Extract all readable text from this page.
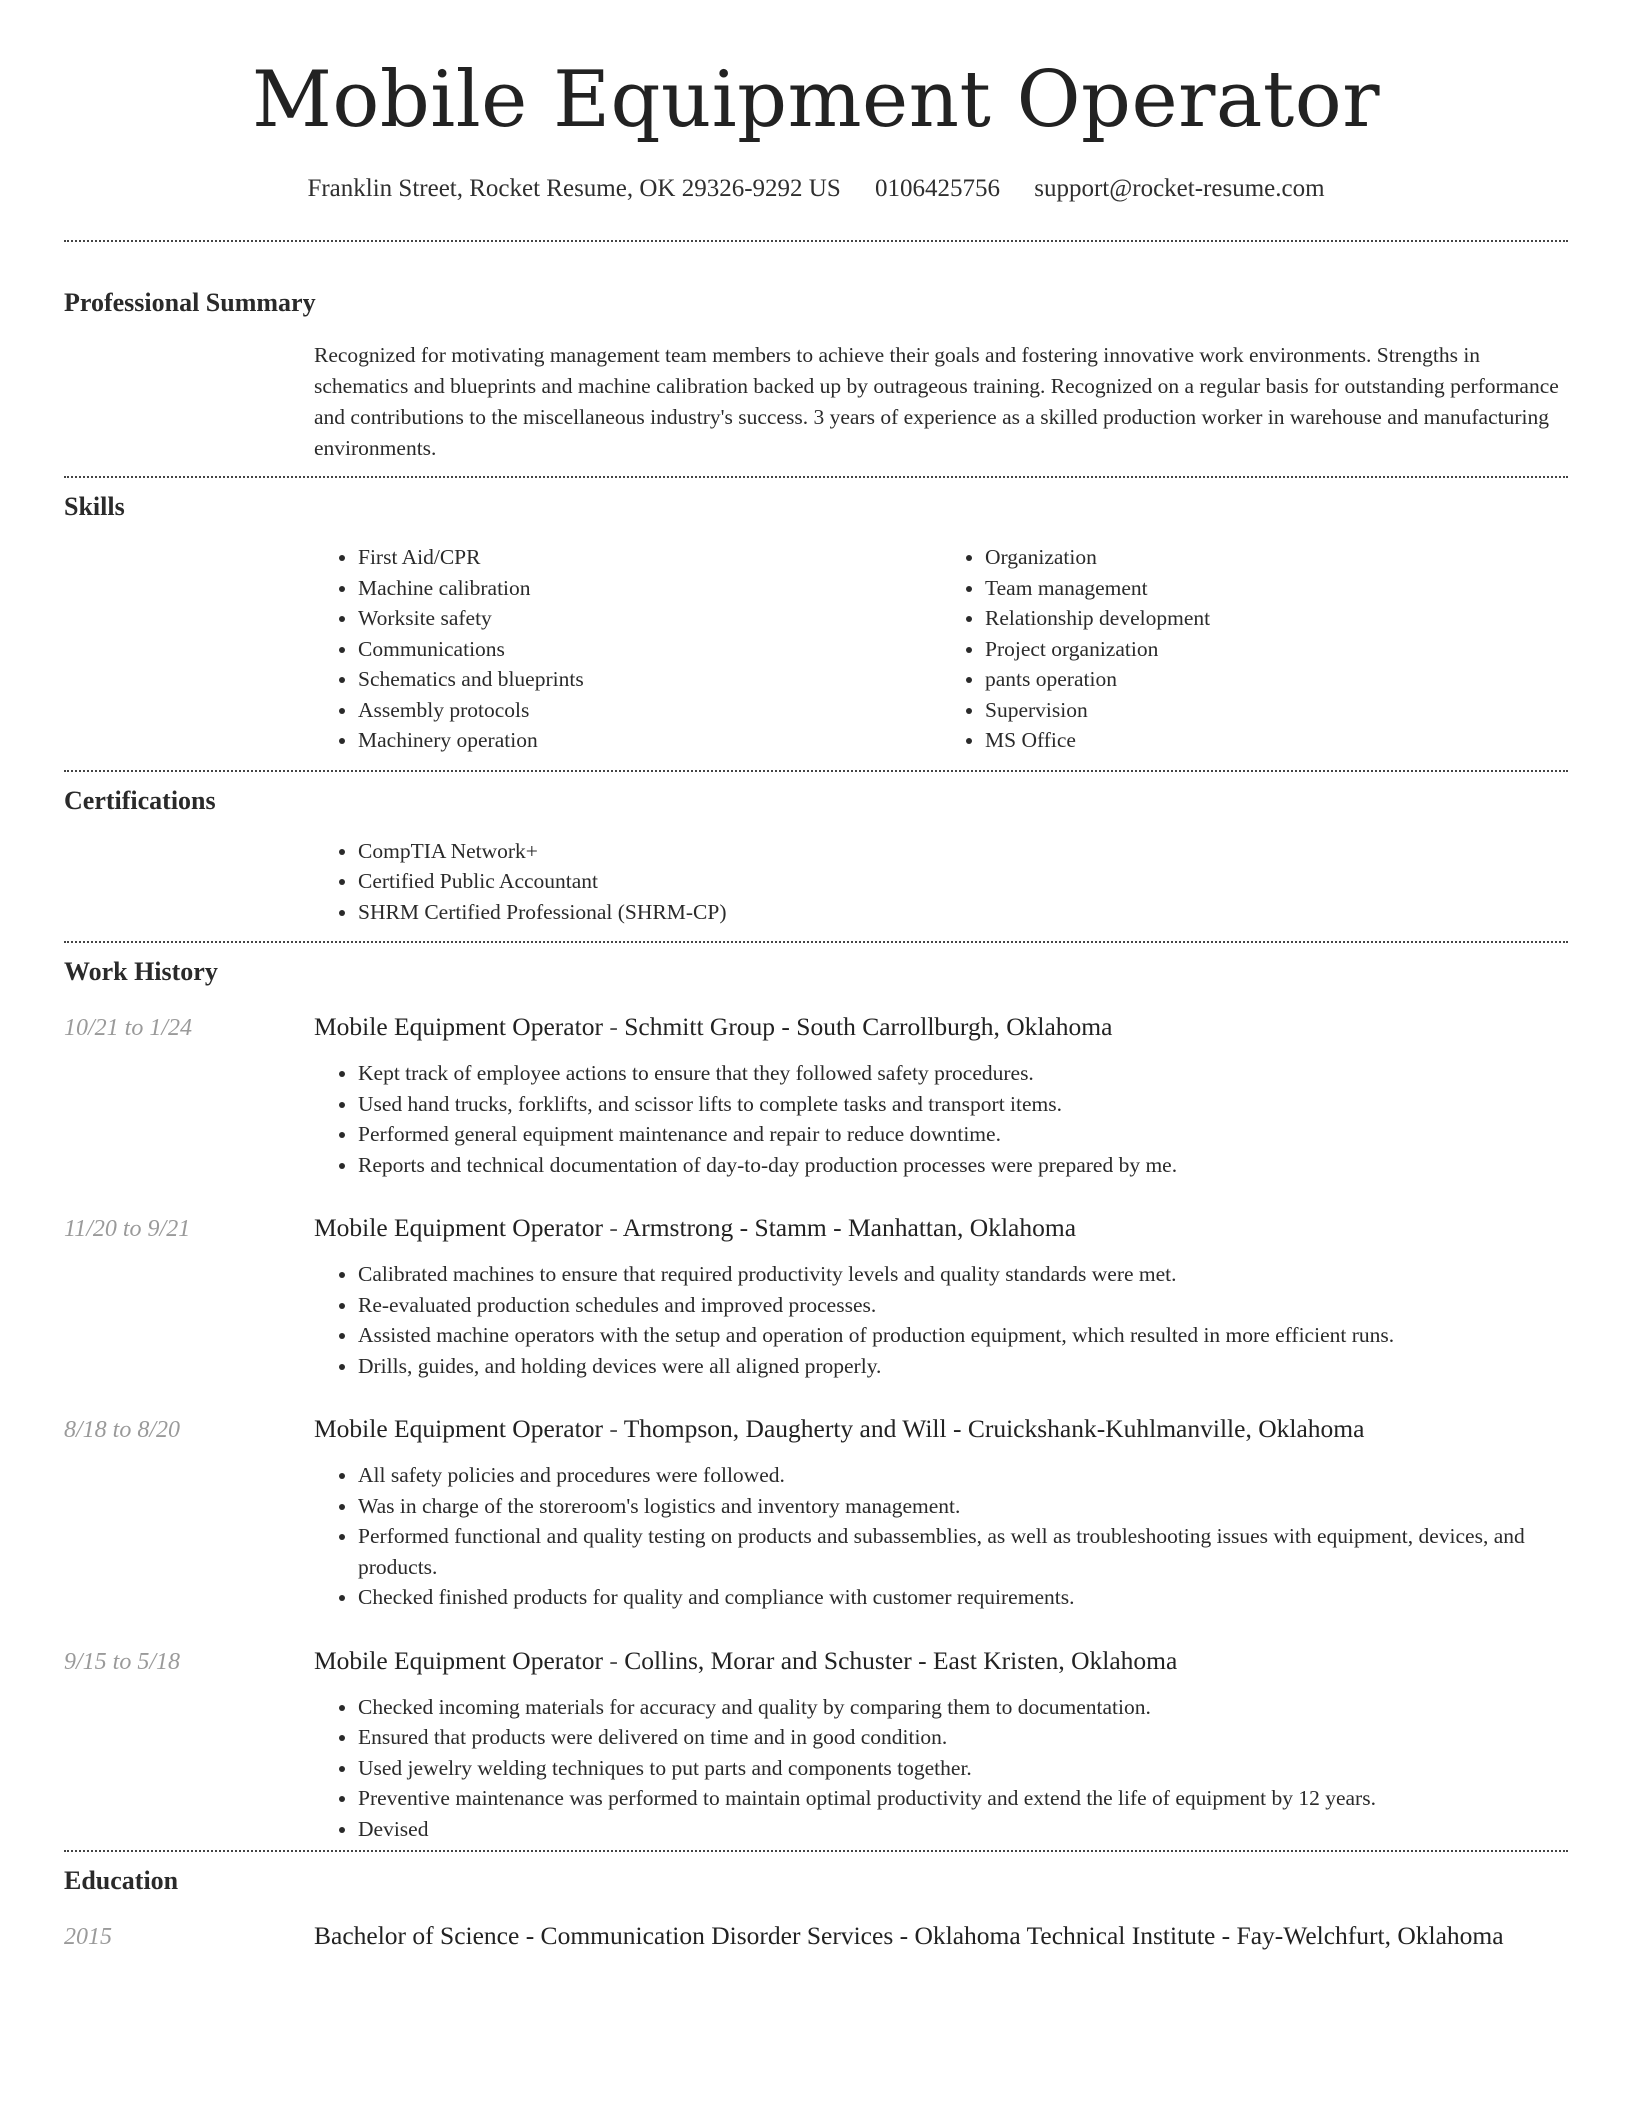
Mobile Equipment Operator
Franklin Street, Rocket Resume, OK 29326-9292 US 0106425756 support@rocket-resume.com
Professional Summary
Recognized for motivating management team members to achieve their goals and fostering innovative work environments. Strengths in schematics and blueprints and machine calibration backed up by outrageous training. Recognized on a regular basis for outstanding performance and contributions to the miscellaneous industry's success. 3 years of experience as a skilled production worker in warehouse and manufacturing environments.
Skills
• First Aid/CPR
• Machine calibration
• Worksite safety
• Communications
• Schematics and blueprints
• Assembly protocols
• Machinery operation
• Organization
• Team management
• Relationship development
• Project organization
• pants operation
• Supervision
• MS Office
Certifications
• CompTIA Network+
• Certified Public Accountant
• SHRM Certified Professional (SHRM-CP)
Work History
10/21 to 1/24	Mobile Equipment Operator - Schmitt Group - South Carrollburgh, Oklahoma
• Kept track of employee actions to ensure that they followed safety procedures.
• Used hand trucks, forklifts, and scissor lifts to complete tasks and transport items.
• Performed general equipment maintenance and repair to reduce downtime.
• Reports and technical documentation of day-to-day production processes were prepared by me.
11/20 to 9/21	Mobile Equipment Operator - Armstrong - Stamm - Manhattan, Oklahoma
• Calibrated machines to ensure that required productivity levels and quality standards were met.
• Re-evaluated production schedules and improved processes.
• Assisted machine operators with the setup and operation of production equipment, which resulted in more efficient runs.
• Drills, guides, and holding devices were all aligned properly.
8/18 to 8/20	Mobile Equipment Operator - Thompson, Daugherty and Will - Cruickshank-Kuhlmanville, Oklahoma
• All safety policies and procedures were followed.
• Was in charge of the storeroom's logistics and inventory management.
• Performed functional and quality testing on products and subassemblies, as well as troubleshooting issues with equipment, devices, and products.
• Checked finished products for quality and compliance with customer requirements.
9/15 to 5/18	Mobile Equipment Operator - Collins, Morar and Schuster - East Kristen, Oklahoma
• Checked incoming materials for accuracy and quality by comparing them to documentation.
• Ensured that products were delivered on time and in good condition.
• Used jewelry welding techniques to put parts and components together.
• Preventive maintenance was performed to maintain optimal productivity and extend the life of equipment by 12 years.
• Devised
Education
2015	Bachelor of Science - Communication Disorder Services - Oklahoma Technical Institute - Fay-Welchfurt, Oklahoma
